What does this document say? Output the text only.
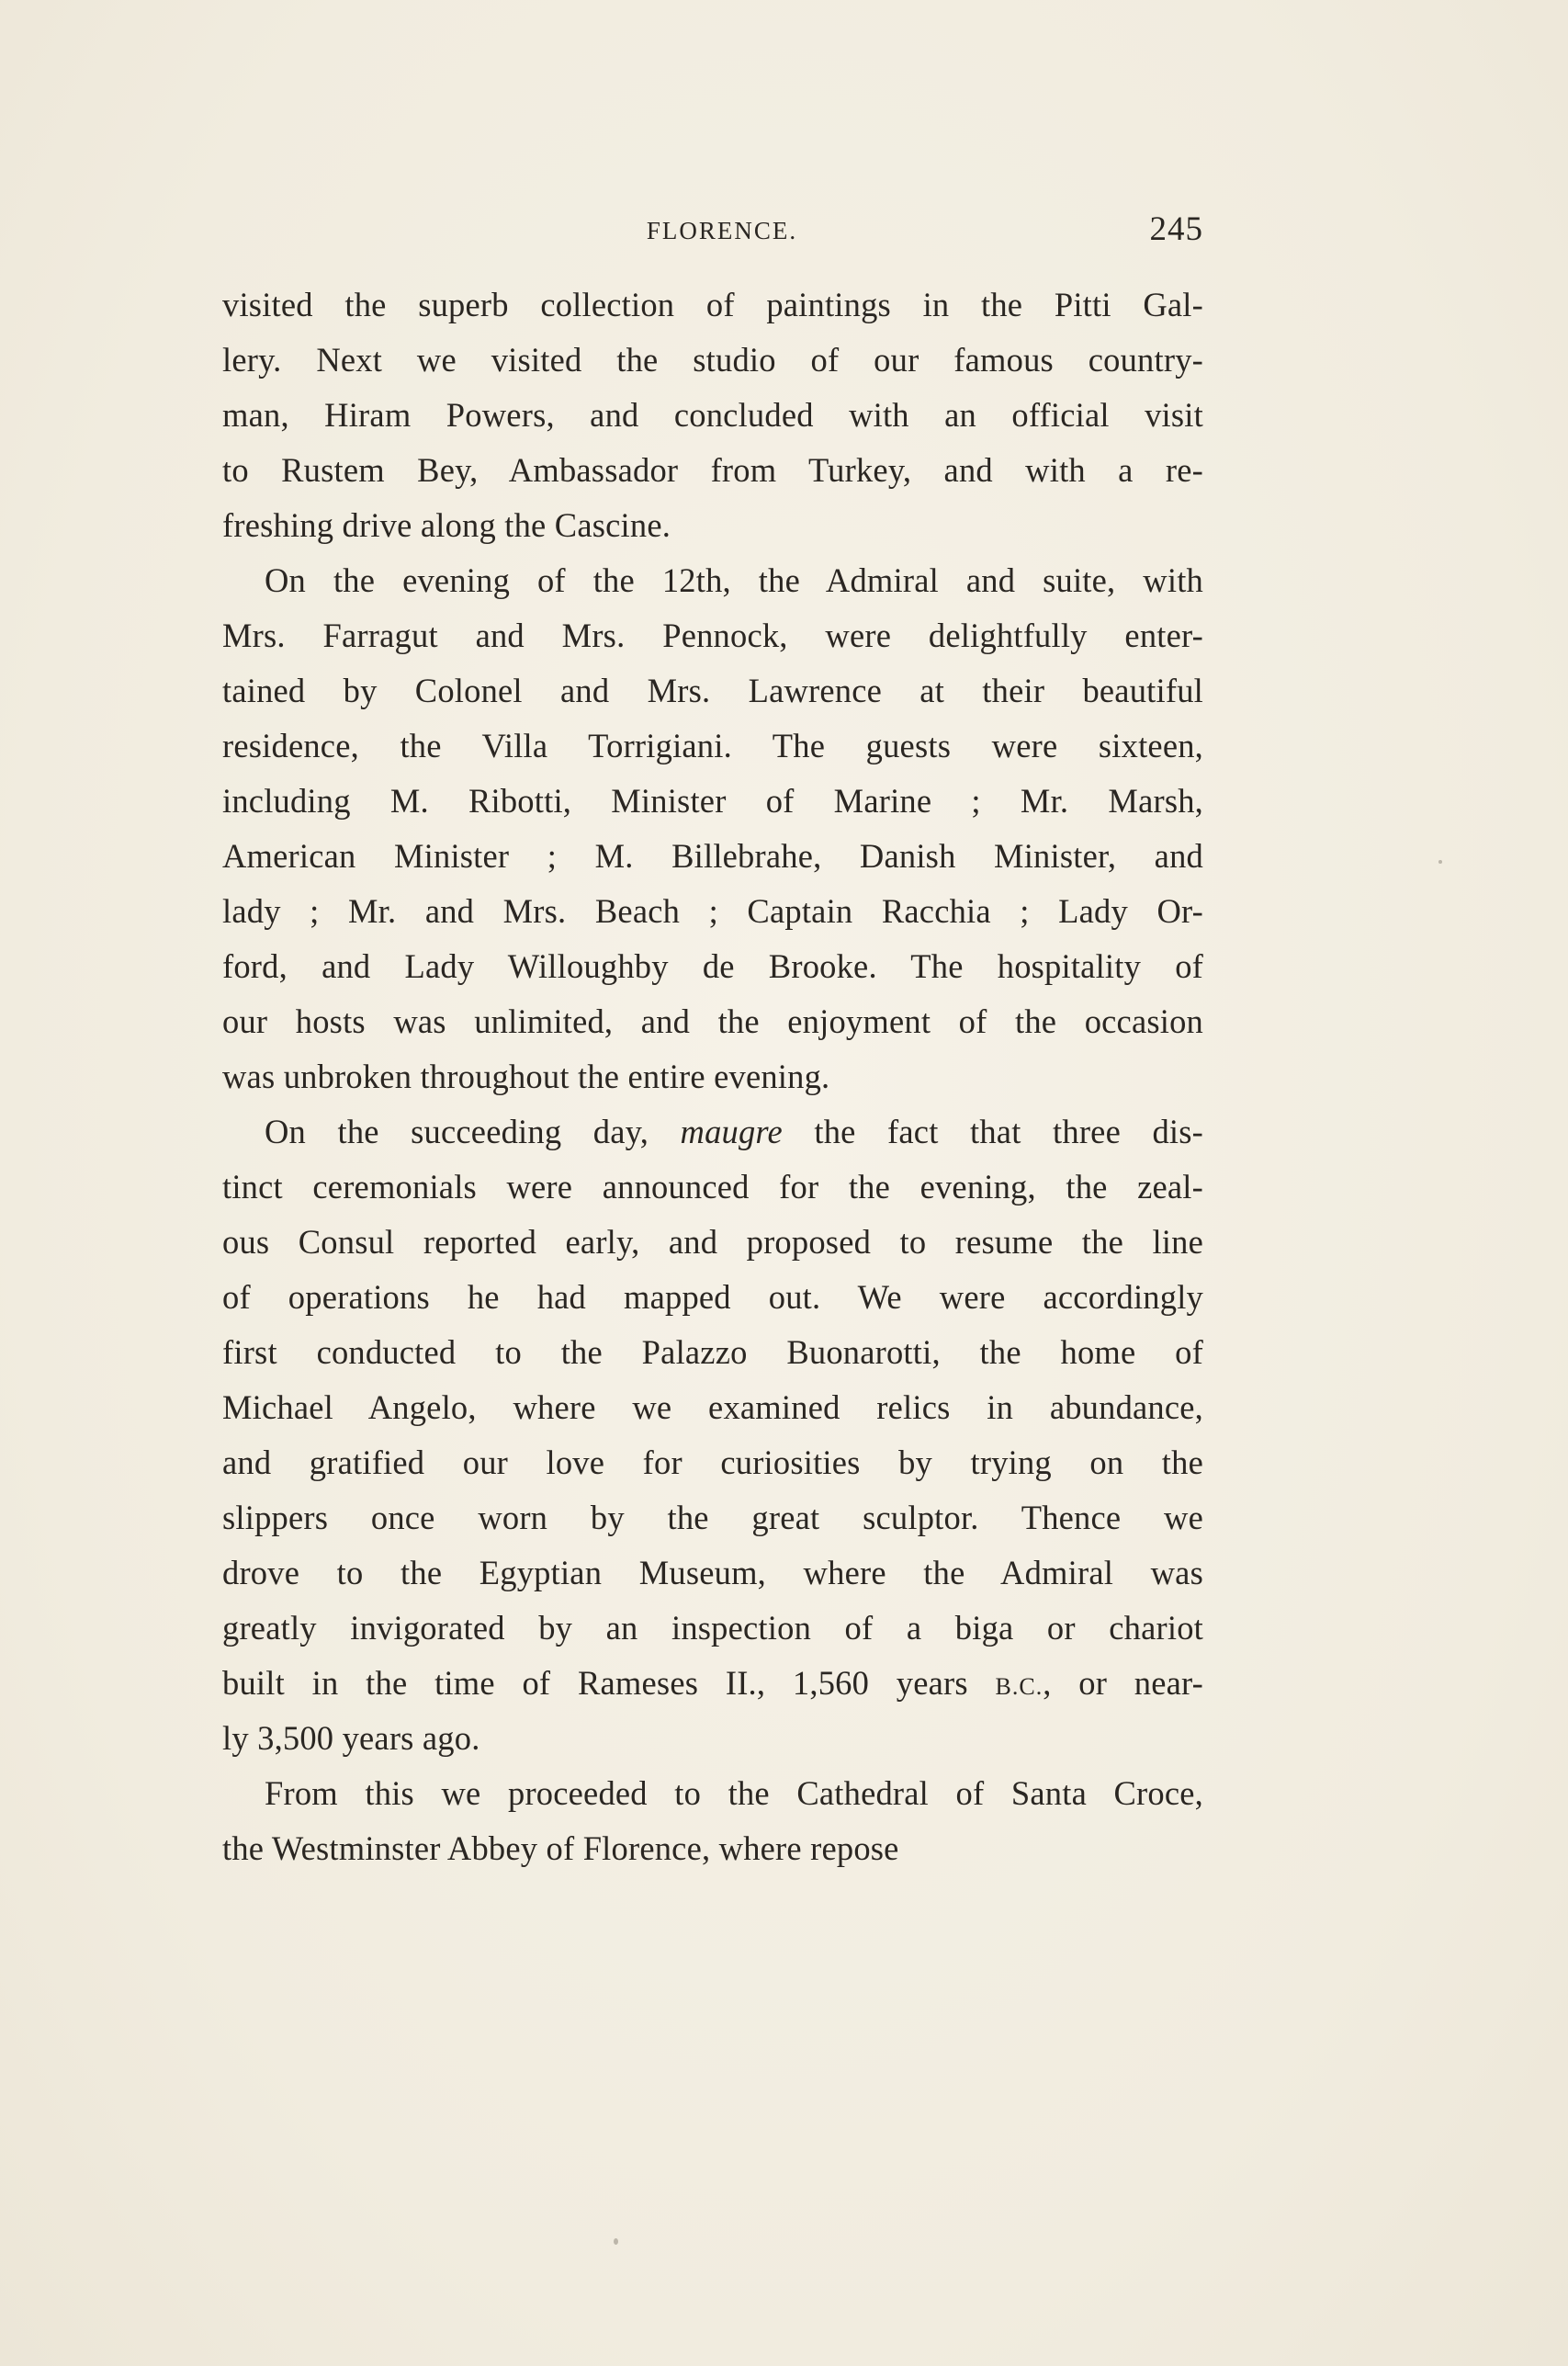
FLORENCE.	245
visited the superb collection of paintings in the Pitti Gal-
lery. Next we visited the studio of our famous country-
man, Hiram Powers, and concluded with an official visit
to Rustem Bey, Ambassador from Turkey, and with a re-
freshing drive along the Cascine.
On the evening of the 12th, the Admiral and suite, with
Mrs. Farragut and Mrs. Pennock, were delightfully enter-
tained by Colonel and Mrs. Lawrence at their beautiful
residence, the Villa Torrigiani. The guests were sixteen,
including M. Ribotti, Minister of Marine ; Mr. Marsh,
American Minister ; M. Billebrahe, Danish Minister, and
lady ; Mr. and Mrs. Beach ; Captain Racchia ; Lady Or-
ford, and Lady Willoughby de Brooke. The hospitality of
our hosts was unlimited, and the enjoyment of the occasion
was unbroken throughout the entire evening.
On the succeeding day, maugre the fact that three dis-
tinct ceremonials were announced for the evening, the zeal-
ous Consul reported early, and proposed to resume the line
of operations he had mapped out. We were accordingly
first conducted to the Palazzo Buonarotti, the home of
Michael Angelo, where we examined relics in abundance,
and gratified our love for curiosities by trying on the
slippers once worn by the great sculptor. Thence we
drove to the Egyptian Museum, where the Admiral was
greatly invigorated by an inspection of a biga or chariot
built in the time of Rameses II., 1,560 years B.C., or near-
ly 3,500 years ago.
From this we proceeded to the Cathedral of Santa Croce,
the Westminster Abbey of Florence, where repose
